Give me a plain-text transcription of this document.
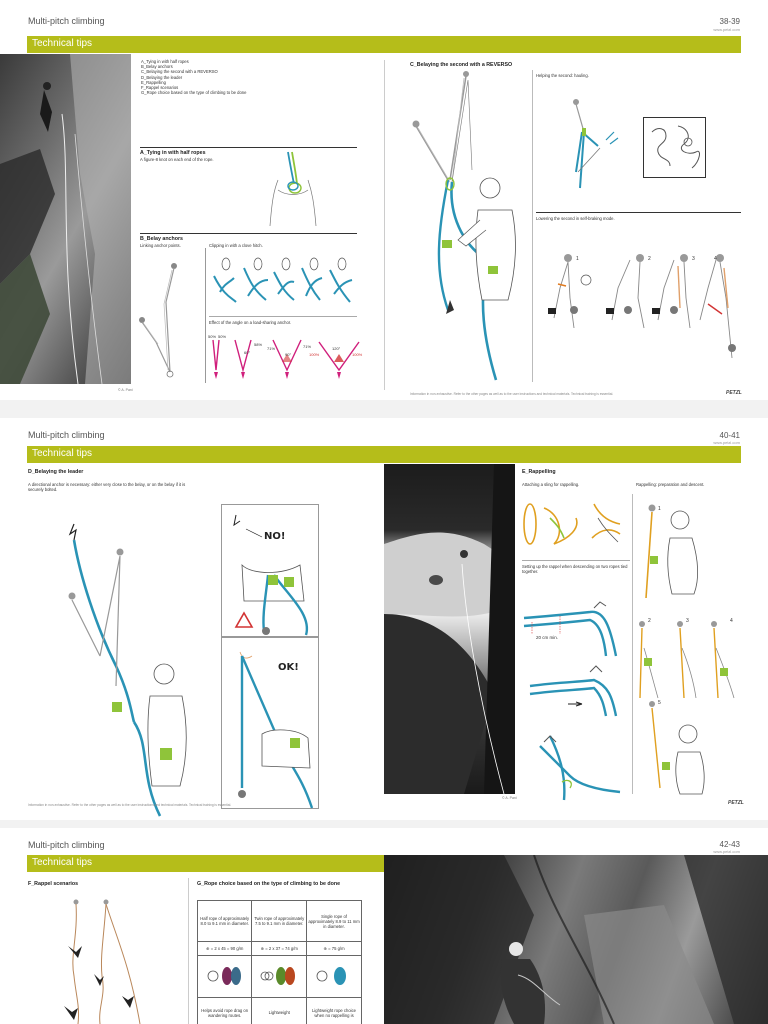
Multi-pitch climbing	38-39
www.petzl.com
Technical tips
© A. Pani
A_Tying in with half ropes
B_Belay anchors
C_Belaying the second with a REVERSO
D_Belaying the leader
E_Rappelling
F_Rappel scenarios
G_Rope choice based on the type of climbing to be done
A_Tying in with half ropes
A figure-8 knot on each end of the rope.
B_Belay anchors
Linking anchor points.	Clipping in with a clove hitch.
Effect of the angle on a load-sharing anchor.
50% 50%
58%
60°
71%
90°
71%
100%
120°
100%
C_Belaying the second with a REVERSO
Helping the second: hauling.
Lowering the second in self-braking mode.
1	2	3	4
Information in non-exhaustive. Refer to the other pages as well as to the user instructions and technical materials. Technical training is essential.	PETZL
Multi-pitch climbing	40-41
www.petzl.com
Technical tips
D_Belaying the leader
A directional anchor is necessary: either very close to the belay, or on the belay if it is securely bolted.
NO!
OK!
Information in non-exhaustive. Refer to the other pages as well as to the user instructions and technical materials. Technical training is essential.
© A. Pani
E_Rappelling
Attaching a sling for rappelling.	Rappelling: preparation and descent.
Setting up the rappel when descending on two ropes tied together.
20 cm min.
1
2	3	4
5
PETZL
Multi-pitch climbing	42-43
www.petzl.com
Technical tips
F_Rappel scenarios	G_Rope choice based on the type of climbing to be done
Half rope of approximately 8.0 to 9.1 mm in diameter.	Twin rope of approximately 7.5 to 9.1 mm in diameter.	Single rope of approximately 8.9 to 11 mm in diameter.
⊕ = 2 x 45 = 90 g/m	⊕ = 2 x 37 = 74 g/m	⊕ = 75 g/m

Helps avoid rope drag on wandering routes.	Lightweight	Lightweight rope choice when no rappelling is
